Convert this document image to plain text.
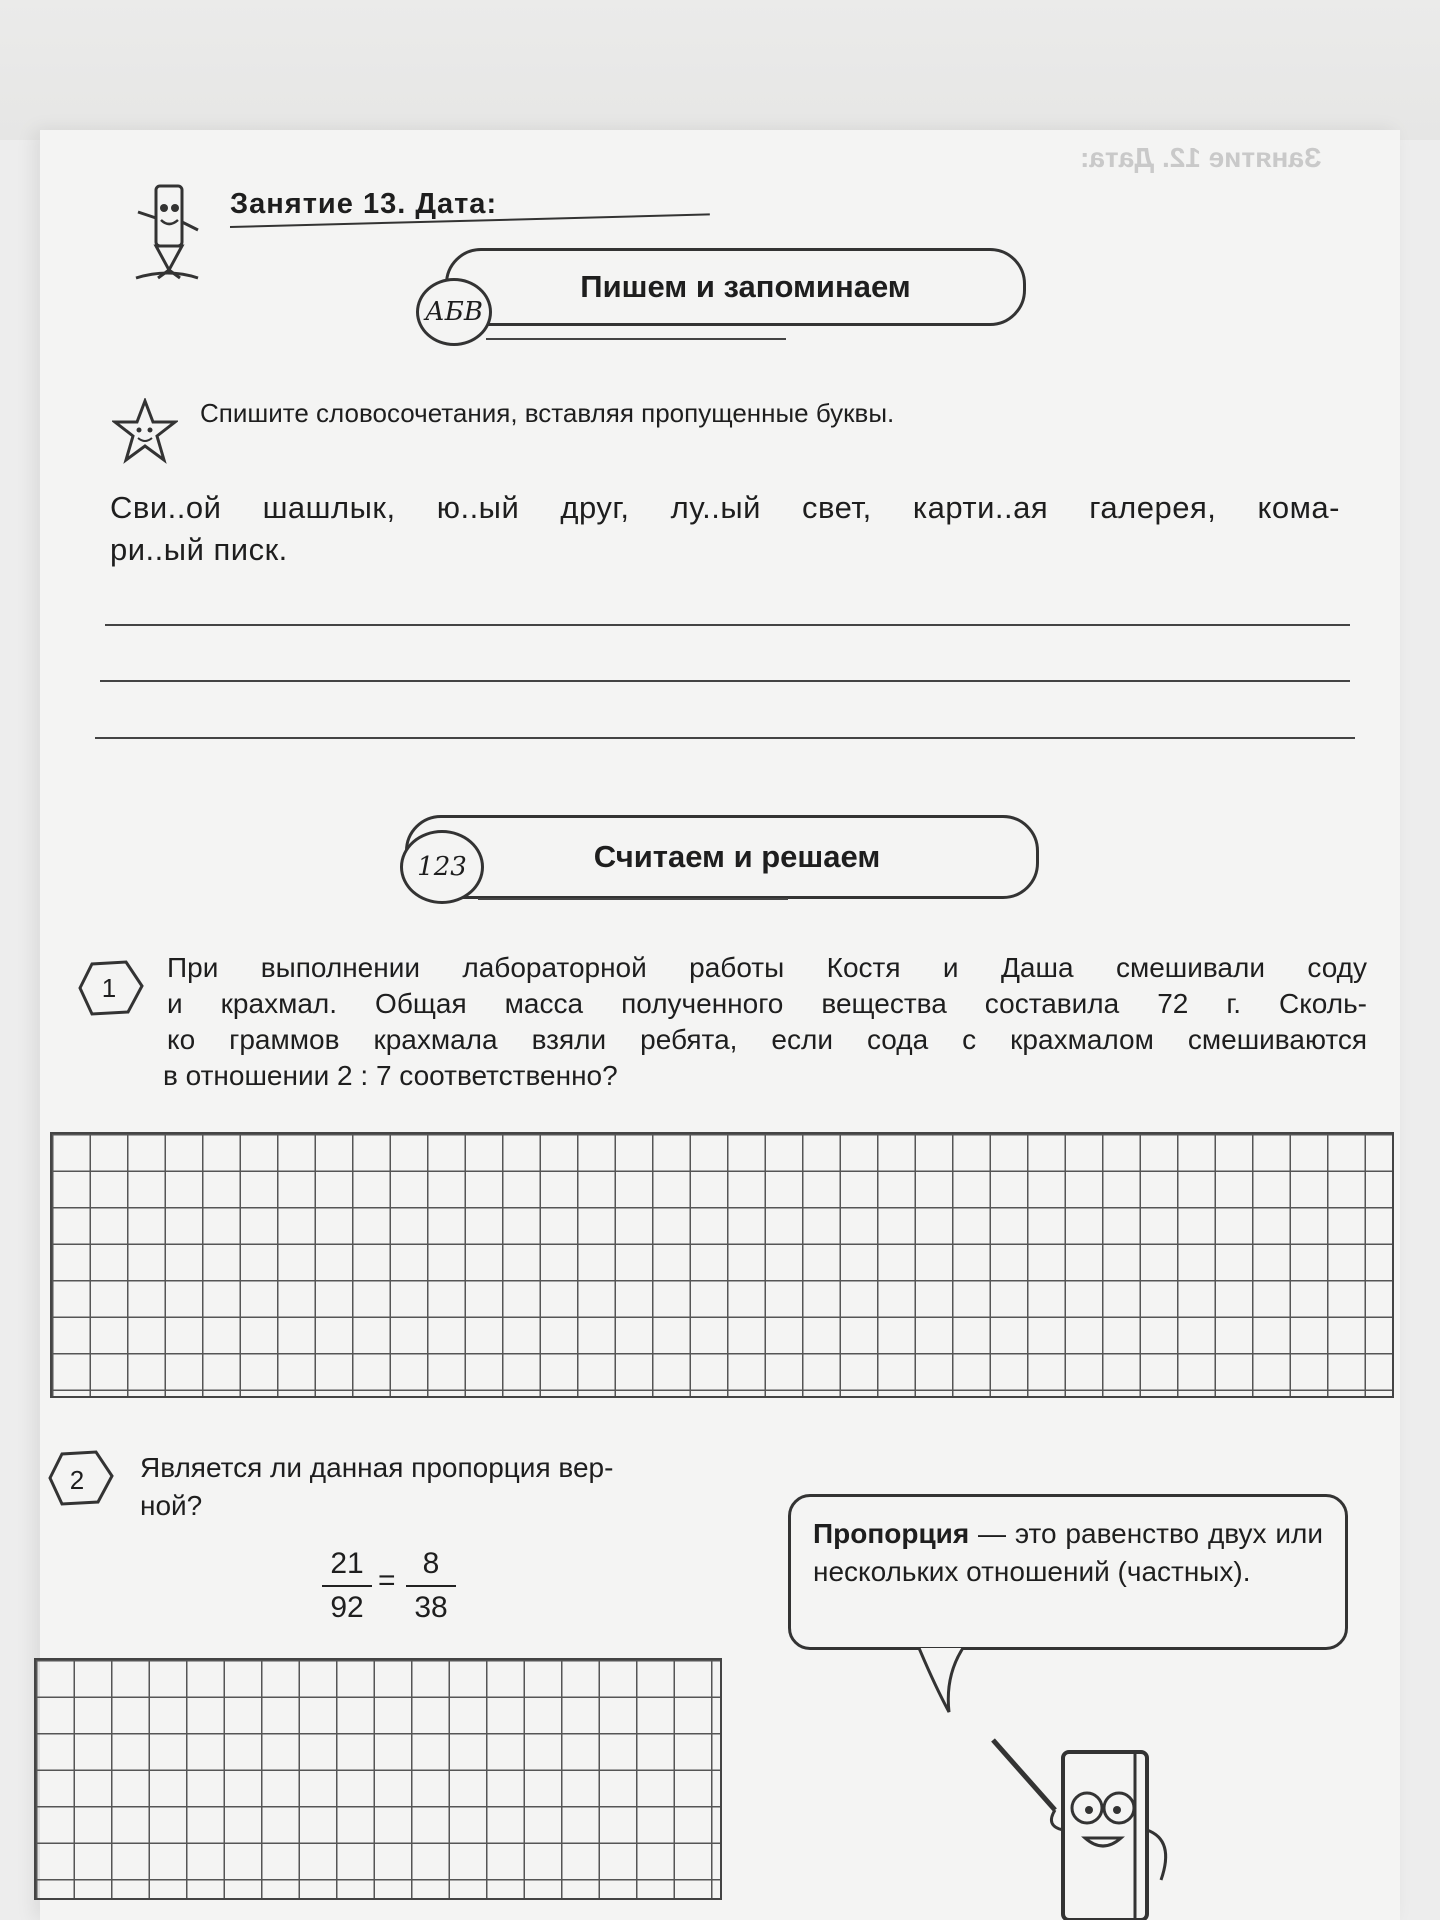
Занятие 12. Дата:
Занятие 13. Дата:
Пишем и запоминаем
АБВ
Спишите словосочетания, вставляя пропущенные буквы.
Сви..ой шашлык, ю..ый друг, лу..ый свет, карти..ая галерея, кома-
ри..ый писк.
Считаем и решаем
123
1
При выполнении лабораторной работы Костя и Даша смешивали соду
и крахмал. Общая масса полученного вещества составила 72 г. Сколь-
ко граммов крахмала взяли ребята, если сода с крахмалом смешиваются
в отношении 2 : 7 соответственно?
2	Является ли данная пропорция вер-
ной?
21
92
=
8
38
Пропорция — это равенство двух или нескольких отношений (частных).
